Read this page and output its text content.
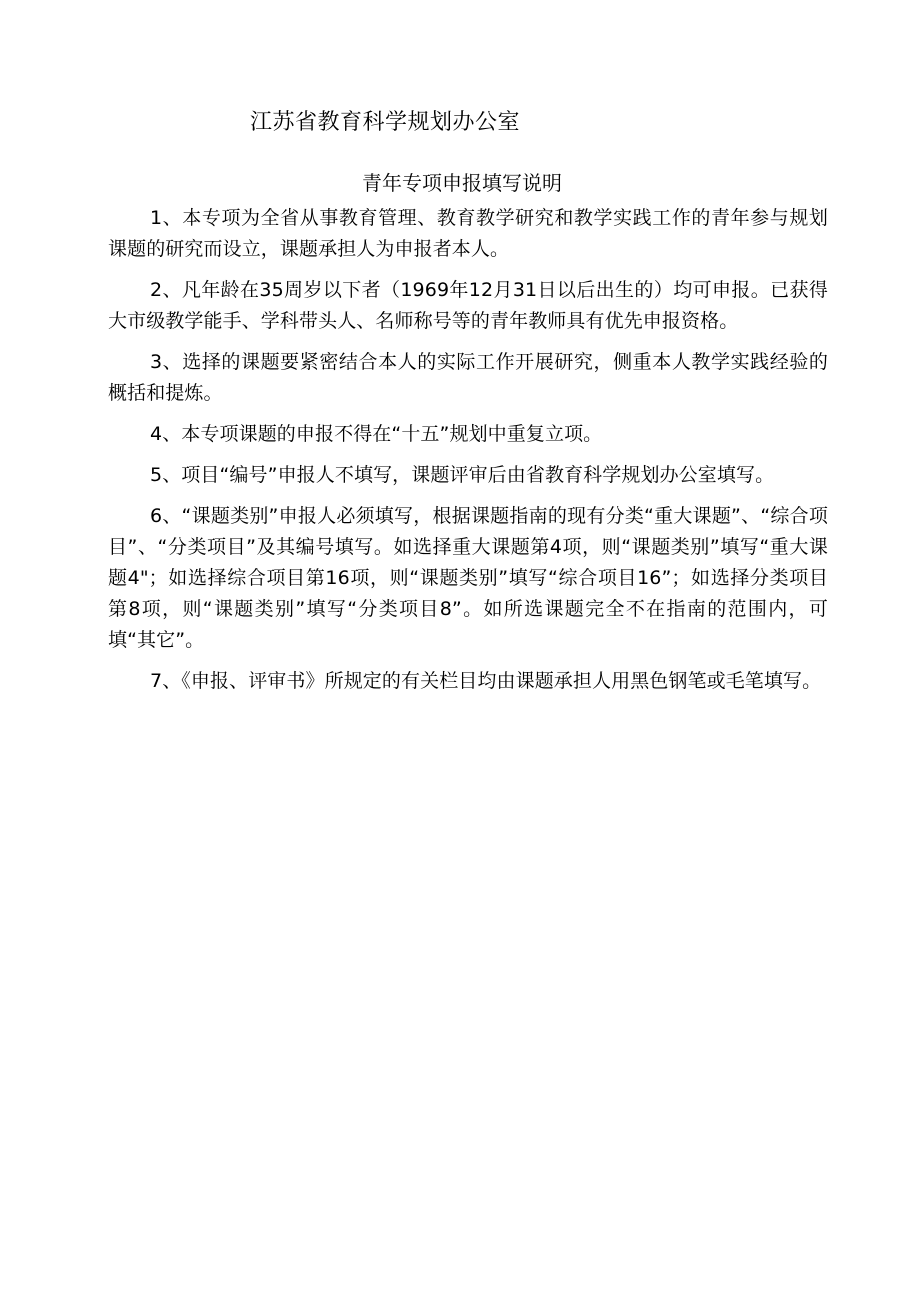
江苏省教育科学规划办公室
青年专项申报填写说明

1、本专项为全省从事教育管理、教育教学研究和教学实践工作的青年参与规划课题的研究而设立，课题承担人为申报者本人。

2、凡年龄在35周岁以下者（1969年12月31日以后出生的）均可申报。已获得大市级教学能手、学科带头人、名师称号等的青年教师具有优先申报资格。

3、选择的课题要紧密结合本人的实际工作开展研究，侧重本人教学实践经验的概括和提炼。

4、本专项课题的申报不得在“十五”规划中重复立项。

5、项目“编号”申报人不填写，课题评审后由省教育科学规划办公室填写。

6、“课题类别”申报人必须填写，根据课题指南的现有分类“重大课题”、“综合项目”、“分类项目”及其编号填写。如选择重大课题第4项，则“课题类别”填写“重大课题4"；如选择综合项目第16项，则“课题类别”填写“综合项目16”；如选择分类项目第8项，则“课题类别”填写“分类项目8”。如所选课题完全不在指南的范围内，可填“其它”。

7、《申报、评审书》所规定的有关栏目均由课题承担人用黑色钢笔或毛笔填写。
